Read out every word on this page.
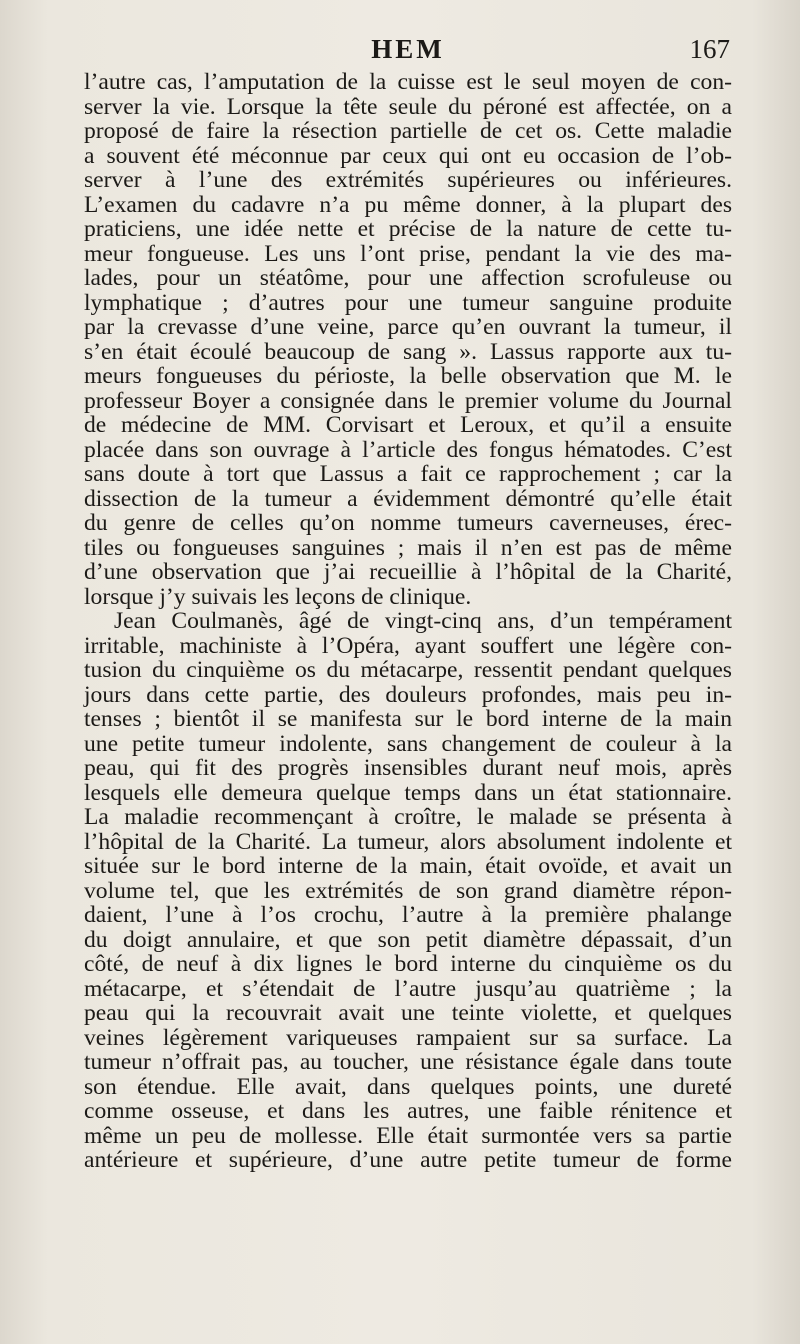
HEM	167
l’autre cas, l’amputation de la cuisse est le seul moyen de con-
server la vie. Lorsque la tête seule du péroné est affectée, on a
proposé de faire la résection partielle de cet os. Cette maladie
a souvent été méconnue par ceux qui ont eu occasion de l’ob-
server à l’une des extrémités supérieures ou inférieures.
L’examen du cadavre n’a pu même donner, à la plupart des
praticiens, une idée nette et précise de la nature de cette tu-
meur fongueuse. Les uns l’ont prise, pendant la vie des ma-
lades, pour un stéatôme, pour une affection scrofuleuse ou
lymphatique ; d’autres pour une tumeur sanguine produite
par la crevasse d’une veine, parce qu’en ouvrant la tumeur, il
s’en était écoulé beaucoup de sang ». Lassus rapporte aux tu-
meurs fongueuses du périoste, la belle observation que M. le
professeur Boyer a consignée dans le premier volume du Journal
de médecine de MM. Corvisart et Leroux, et qu’il a ensuite
placée dans son ouvrage à l’article des fongus hématodes. C’est
sans doute à tort que Lassus a fait ce rapprochement ; car la
dissection de la tumeur a évidemment démontré qu’elle était
du genre de celles qu’on nomme tumeurs caverneuses, érec-
tiles ou fongueuses sanguines ; mais il n’en est pas de même
d’une observation que j’ai recueillie à l’hôpital de la Charité,
lorsque j’y suivais les leçons de clinique.
Jean Coulmanès, âgé de vingt-cinq ans, d’un tempérament
irritable, machiniste à l’Opéra, ayant souffert une légère con-
tusion du cinquième os du métacarpe, ressentit pendant quelques
jours dans cette partie, des douleurs profondes, mais peu in-
tenses ; bientôt il se manifesta sur le bord interne de la main
une petite tumeur indolente, sans changement de couleur à la
peau, qui fit des progrès insensibles durant neuf mois, après
lesquels elle demeura quelque temps dans un état stationnaire.
La maladie recommençant à croître, le malade se présenta à
l’hôpital de la Charité. La tumeur, alors absolument indolente et
située sur le bord interne de la main, était ovoïde, et avait un
volume tel, que les extrémités de son grand diamètre répon-
daient, l’une à l’os crochu, l’autre à la première phalange
du doigt annulaire, et que son petit diamètre dépassait, d’un
côté, de neuf à dix lignes le bord interne du cinquième os du
métacarpe, et s’étendait de l’autre jusqu’au quatrième ; la
peau qui la recouvrait avait une teinte violette, et quelques
veines légèrement variqueuses rampaient sur sa surface. La
tumeur n’offrait pas, au toucher, une résistance égale dans toute
son étendue. Elle avait, dans quelques points, une dureté
comme osseuse, et dans les autres, une faible rénitence et
même un peu de mollesse. Elle était surmontée vers sa partie
antérieure et supérieure, d’une autre petite tumeur de forme
